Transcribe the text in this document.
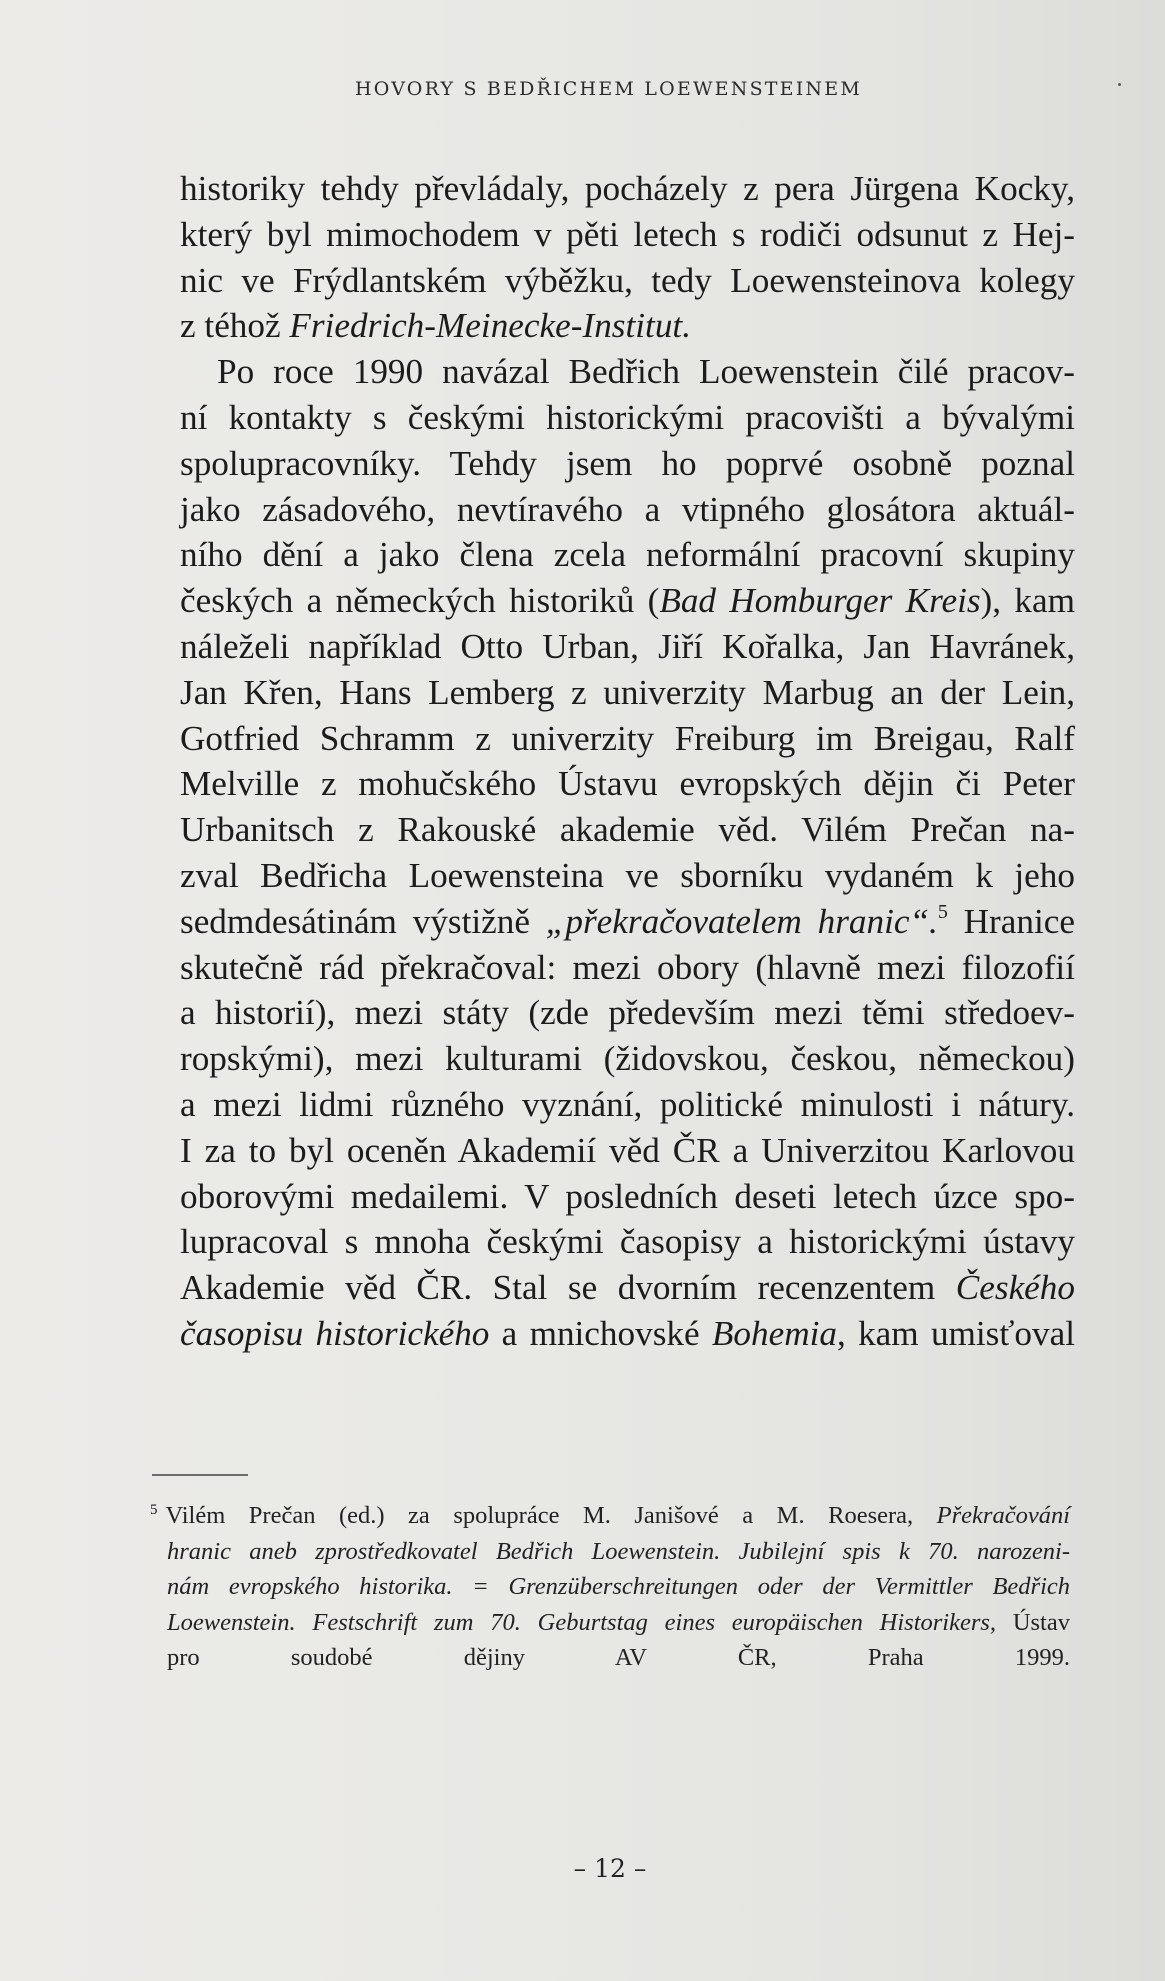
HOVORY S BEDŘICHEM LOEWENSTEINEM
historiky tehdy převládaly, pocházely z pera Jürgena Kocky,
který byl mimochodem v pěti letech s rodiči odsunut z Hej-
nic ve Frýdlantském výběžku, tedy Loewensteinova kolegy
z téhož Friedrich-Meinecke-Institut.
Po roce 1990 navázal Bedřich Loewenstein čilé pracov-
ní kontakty s českými historickými pracovišti a bývalými
spolupracovníky. Tehdy jsem ho poprvé osobně poznal
jako zásadového, nevtíravého a vtipného glosátora aktuál-
ního dění a jako člena zcela neformální pracovní skupiny
českých a německých historiků (Bad Homburger Kreis), kam
náleželi například Otto Urban, Jiří Kořalka, Jan Havránek,
Jan Křen, Hans Lemberg z univerzity Marbug an der Lein,
Gotfried Schramm z univerzity Freiburg im Breigau, Ralf
Melville z mohučského Ústavu evropských dějin či Peter
Urbanitsch z Rakouské akademie věd. Vilém Prečan na-
zval Bedřicha Loewensteina ve sborníku vydaném k jeho
sedmdesátinám výstižně „překračovatelem hranic“.$^5$ Hranice
skutečně rád překračoval: mezi obory (hlavně mezi filozofií
a historií), mezi státy (zde především mezi těmi středoev-
ropskými), mezi kulturami (židovskou, českou, německou)
a mezi lidmi různého vyznání, politické minulosti i nátury.
I za to byl oceněn Akademií věd ČR a Univerzitou Karlovou
oborovými medailemi. V posledních deseti letech úzce spo-
lupracoval s mnoha českými časopisy a historickými ústavy
Akademie věd ČR. Stal se dvorním recenzentem Českého
časopisu historického a mnichovské Bohemia, kam umisťoval
$^5$ Vilém Prečan (ed.) za spolupráce M. Janišové a M. Roesera, Překračování
hranic aneb zprostředkovatel Bedřich Loewenstein. Jubilejní spis k 70. narozeni-
nám evropského historika. = Grenzüberschreitungen oder der Vermittler Bedřich
Loewenstein. Festschrift zum 70. Geburtstag eines europäischen Historikers, Ústav
pro soudobé dějiny AV ČR, Praha 1999.
– 12 –
